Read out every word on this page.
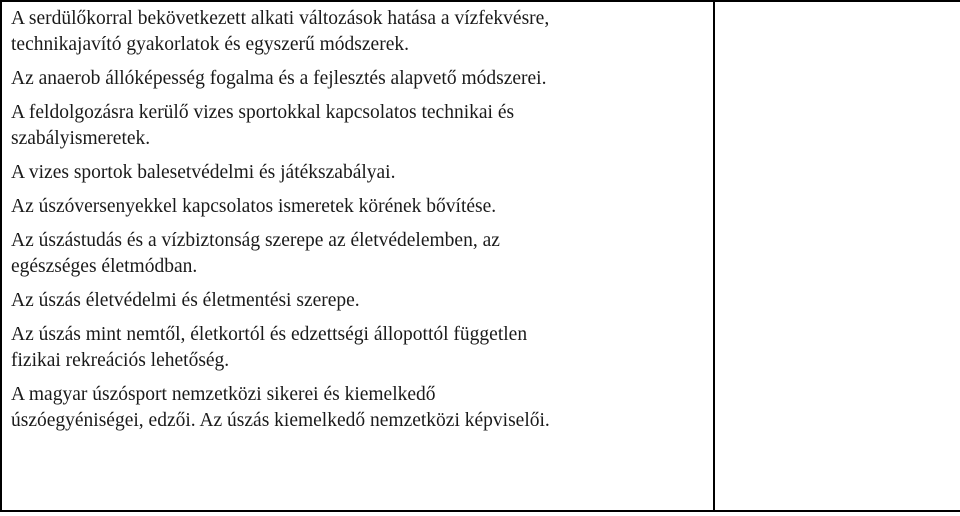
A serdülőkorral bekövetkezett alkati változások hatása a vízfekvésre,
technikajavító gyakorlatok és egyszerű módszerek.

Az anaerob állóképesség fogalma és a fejlesztés alapvető módszerei.

A feldolgozásra kerülő vizes sportokkal kapcsolatos technikai és
szabályismeretek.

A vizes sportok balesetvédelmi és játékszabályai.

Az úszóversenyekkel kapcsolatos ismeretek körének bővítése.

Az úszástudás és a vízbiztonság szerepe az életvédelemben, az
egészséges életmódban.

Az úszás életvédelmi és életmentési szerepe.

Az úszás mint nemtől, életkortól és edzettségi állopottól független
fizikai rekreációs lehetőség.

A magyar úszósport nemzetközi sikerei és kiemelkedő
úszóegyéniségei, edzői. Az úszás kiemelkedő nemzetközi képviselői.
